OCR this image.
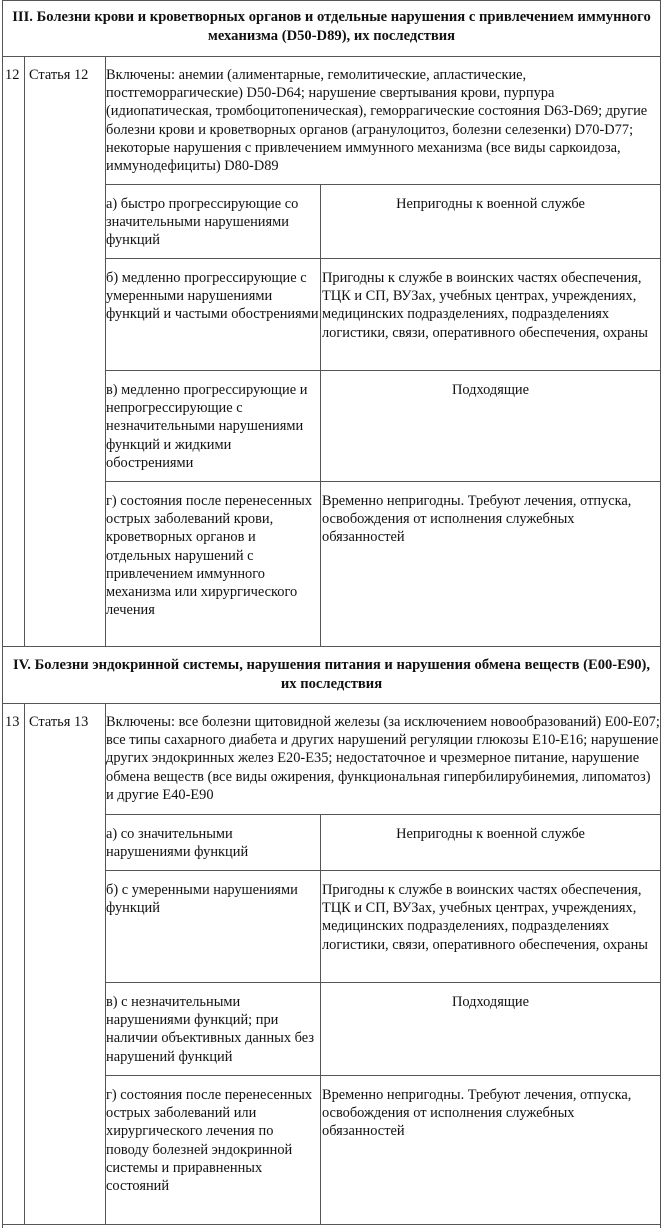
III. Болезни крови и кроветворных органов и отдельные нарушения с привлечением иммунного механизма (D50-D89), их последствия
12 Статья 12	Включены: анемии (алиментарные, гемолитические, апластические, постгеморрагические) D50-D64; нарушение свертывания крови, пурпура (идиопатическая, тромбоцитопеническая), геморрагические состояния D63-D69; другие болезни крови и кроветворных органов (агранулоцитоз, болезни селезенки) D70-D77; некоторые нарушения с привлечением иммунного механизма (все виды саркоидоза, иммунодефициты) D80-D89
а) быстро прогрессирующие со значительными нарушениями функций
Непригодны к военной службе
б) медленно прогрессирующие с умеренными нарушениями функций и частыми обострениями
Пригодны к службе в воинских частях обеспечения, ТЦК и СП, ВУЗах, учебных центрах, учреждениях, медицинских подразделениях, подразделениях логистики, связи, оперативного обеспечения, охраны
в) медленно прогрессирующие и непрогрессирующие с незначительными нарушениями функций и жидкими обострениями
Подходящие
г) состояния после перенесенных острых заболеваний крови, кроветворных органов и отдельных нарушений с привлечением иммунного механизма или хирургического лечения
Временно непригодны. Требуют лечения, отпуска, освобождения от исполнения служебных обязанностей
IV. Болезни эндокринной системы, нарушения питания и нарушения обмена веществ (E00-E90), их последствия
13 Статья 13	Включены: все болезни щитовидной железы (за исключением новообразований) E00-E07; все типы сахарного диабета и других нарушений регуляции глюкозы E10-E16; нарушение других эндокринных желез E20-E35; недостаточное и чрезмерное питание, нарушение обмена веществ (все виды ожирения, функциональная гипербилирубинемия, липоматоз) и другие E40-E90
а) со значительными нарушениями функций
Непригодны к военной службе
б) с умеренными нарушениями функций
Пригодны к службе в воинских частях обеспечения, ТЦК и СП, ВУЗах, учебных центрах, учреждениях, медицинских подразделениях, подразделениях логистики, связи, оперативного обеспечения, охраны
в) с незначительными нарушениями функций; при наличии объективных данных без нарушений функций
Подходящие
г) состояния после перенесенных острых заболеваний или хирургического лечения по поводу болезней эндокринной системы и приравненных состояний
Временно непригодны. Требуют лечения, отпуска, освобождения от исполнения служебных обязанностей
